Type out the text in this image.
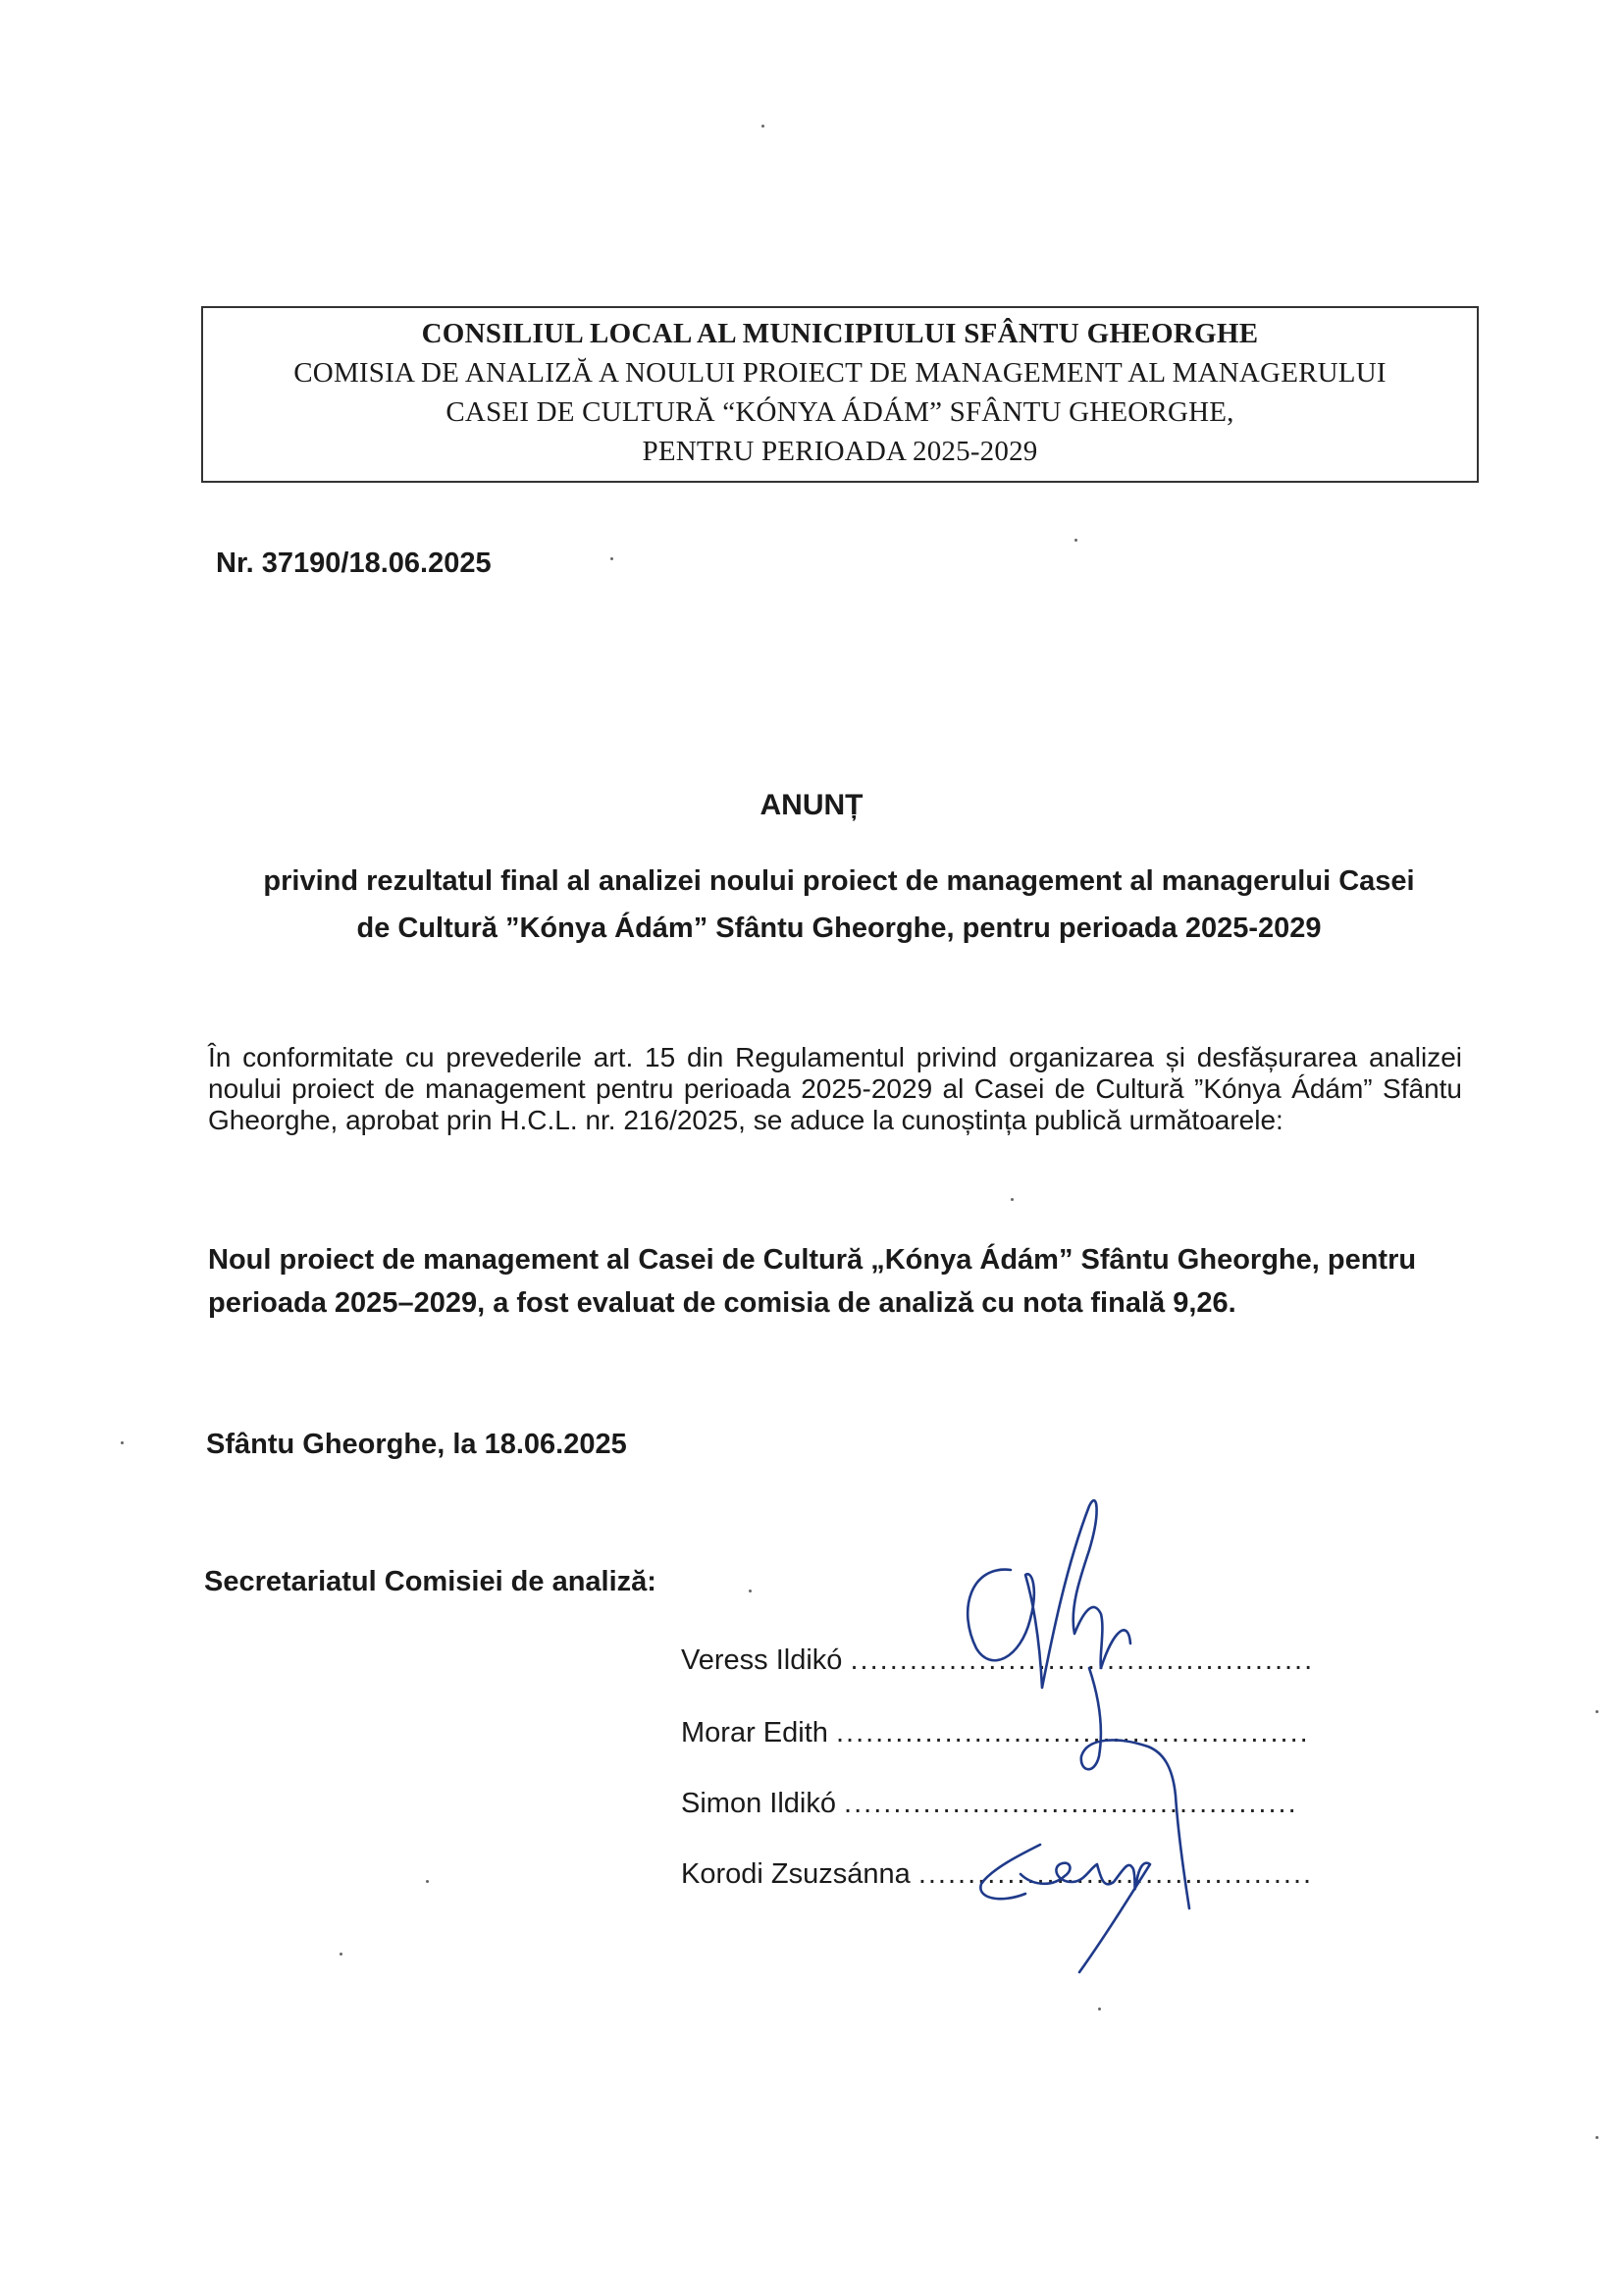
CONSILIUL LOCAL AL MUNICIPIULUI SFÂNTU GHEORGHE
COMISIA DE ANALIZĂ A NOULUI PROIECT DE MANAGEMENT AL MANAGERULUI
CASEI DE CULTURĂ “KÓNYA ÁDÁM” SFÂNTU GHEORGHE,
PENTRU PERIOADA 2025-2029
Nr. 37190/18.06.2025
ANUNȚ
privind rezultatul final al analizei noului proiect de management al managerului Casei
de Cultură ”Kónya Ádám” Sfântu Gheorghe, pentru perioada 2025-2029
În conformitate cu prevederile art. 15 din Regulamentul privind organizarea și desfășurarea analizei noului proiect de management pentru perioada 2025-2029 al Casei de Cultură ”Kónya Ádám” Sfântu Gheorghe, aprobat prin H.C.L. nr. 216/2025, se aduce la cunoștința publică următoarele:
Noul proiect de management al Casei de Cultură „Kónya Ádám” Sfântu Gheorghe, pentru perioada 2025–2029, a fost evaluat de comisia de analiză cu nota finală 9,26.
Sfântu Gheorghe, la 18.06.2025
Secretariatul Comisiei de analiză:
Veress Ildikó ...............................................
Morar Edith ................................................
Simon Ildikó ..............................................
Korodi Zsuzsánna ........................................
